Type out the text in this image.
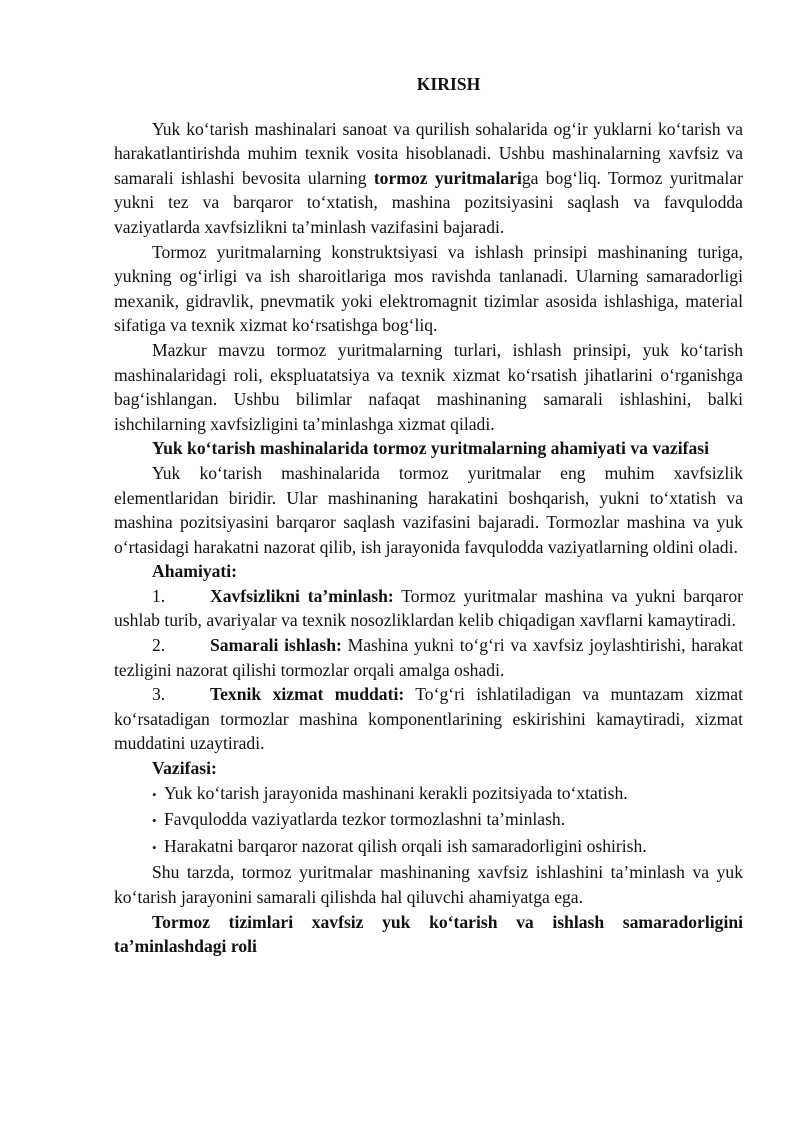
KIRISH

Yuk ko‘tarish mashinalari sanoat va qurilish sohalarida og‘ir yuklarni ko‘tarish va harakatlantirishda muhim texnik vosita hisoblanadi. Ushbu mashinalarning xavfsiz va samarali ishlashi bevosita ularning tormoz yuritmalariga bog‘liq. Tormoz yuritmalar yukni tez va barqaror to‘xtatish, mashina pozitsiyasini saqlash va favqulodda vaziyatlarda xavfsizlikni ta’minlash vazifasini bajaradi.

Tormoz yuritmalarning konstruktsiyasi va ishlash prinsipi mashinaning turiga, yukning og‘irligi va ish sharoitlariga mos ravishda tanlanadi. Ularning samaradorligi mexanik, gidravlik, pnevmatik yoki elektromagnit tizimlar asosida ishlashiga, material sifatiga va texnik xizmat ko‘rsatishga bog‘liq.

Mazkur mavzu tormoz yuritmalarning turlari, ishlash prinsipi, yuk ko‘tarish mashinalaridagi roli, ekspluatatsiya va texnik xizmat ko‘rsatish jihatlarini o‘rganishga bag‘ishlangan. Ushbu bilimlar nafaqat mashinaning samarali ishlashini, balki ishchilarning xavfsizligini ta’minlashga xizmat qiladi.

Yuk ko‘tarish mashinalarida tormoz yuritmalarning ahamiyati va vazifasi

Yuk ko‘tarish mashinalarida tormoz yuritmalar eng muhim xavfsizlik elementlaridan biridir. Ular mashinaning harakatini boshqarish, yukni to‘xtatish va mashina pozitsiyasini barqaror saqlash vazifasini bajaradi. Tormozlar mashina va yuk o‘rtasidagi harakatni nazorat qilib, ish jarayonida favqulodda vaziyatlarning oldini oladi.

Ahamiyati:

1.	Xavfsizlikni ta’minlash: Tormoz yuritmalar mashina va yukni barqaror ushlab turib, avariyalar va texnik nosozliklardan kelib chiqadigan xavflarni kamaytiradi.

2.	Samarali ishlash: Mashina yukni to‘g‘ri va xavfsiz joylashtirishi, harakat tezligini nazorat qilishi tormozlar orqali amalga oshadi.

3.	Texnik xizmat muddati: To‘g‘ri ishlatiladigan va muntazam xizmat ko‘rsatadigan tormozlar mashina komponentlarining eskirishini kamaytiradi, xizmat muddatini uzaytiradi.

Vazifasi:

• Yuk ko‘tarish jarayonida mashinani kerakli pozitsiyada to‘xtatish.

• Favqulodda vaziyatlarda tezkor tormozlashni ta’minlash.

• Harakatni barqaror nazorat qilish orqali ish samaradorligini oshirish.

Shu tarzda, tormoz yuritmalar mashinaning xavfsiz ishlashini ta’minlash va yuk ko‘tarish jarayonini samarali qilishda hal qiluvchi ahamiyatga ega.

Tormoz tizimlari xavfsiz yuk ko‘tarish va ishlash samaradorligini ta’minlashdagi roli
